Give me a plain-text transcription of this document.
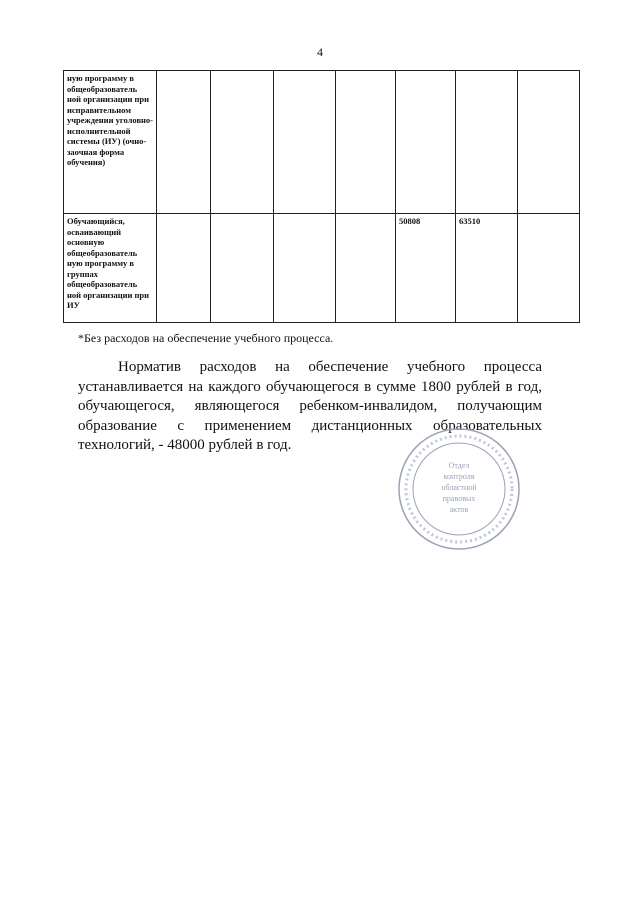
4
ную программу в общеобразователь ной организации при исправительном учреждении уголовно-исполнительной системы (ИУ) (очно-заочная форма обучения)							
Обучающийся, осваивающий основную общеобразователь ную программу в группах общеобразователь ной организации при ИУ					50808	63510	
*Без расходов на обеспечение учебного процесса.
Норматив расходов на обеспечение учебного процесса устанавливается на каждого обучающегося в сумме 1800 рублей в год, обучающегося, являющегося ребенком-инвалидом, получающим образование с применением дистанционных образовательных технологий, - 48000 рублей в год.
Отдел
контроля
областной
правовых
актов
